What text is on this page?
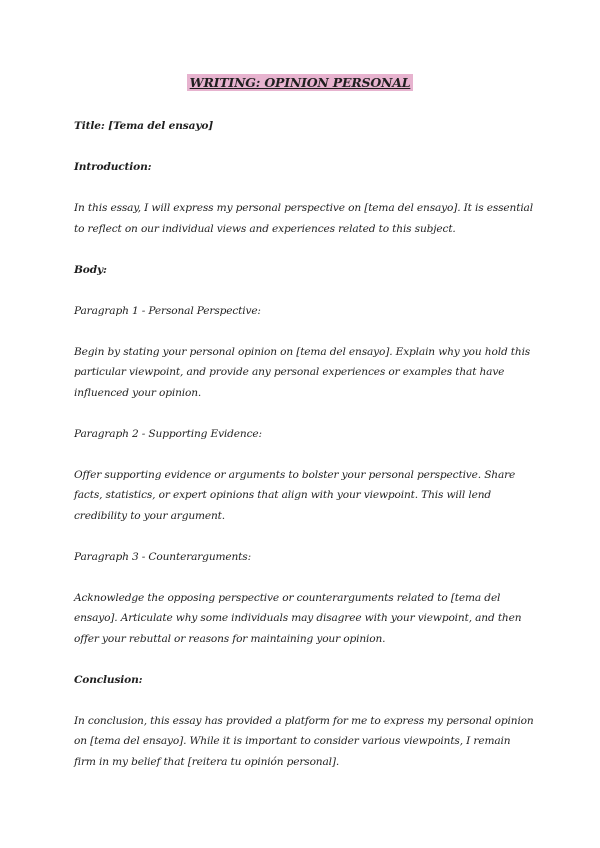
WRITING: OPINION PERSONAL

Title: [Tema del ensayo]

Introduction:

In this essay, I will express my personal perspective on [tema del ensayo]. It is essential to reflect on our individual views and experiences related to this subject.

Body:

Paragraph 1 - Personal Perspective:

Begin by stating your personal opinion on [tema del ensayo]. Explain why you hold this particular viewpoint, and provide any personal experiences or examples that have influenced your opinion.

Paragraph 2 - Supporting Evidence:

Offer supporting evidence or arguments to bolster your personal perspective. Share facts, statistics, or expert opinions that align with your viewpoint. This will lend credibility to your argument.

Paragraph 3 - Counterarguments:

Acknowledge the opposing perspective or counterarguments related to [tema del ensayo]. Articulate why some individuals may disagree with your viewpoint, and then offer your rebuttal or reasons for maintaining your opinion.

Conclusion:

In conclusion, this essay has provided a platform for me to express my personal opinion on [tema del ensayo]. While it is important to consider various viewpoints, I remain firm in my belief that [reitera tu opinión personal].
